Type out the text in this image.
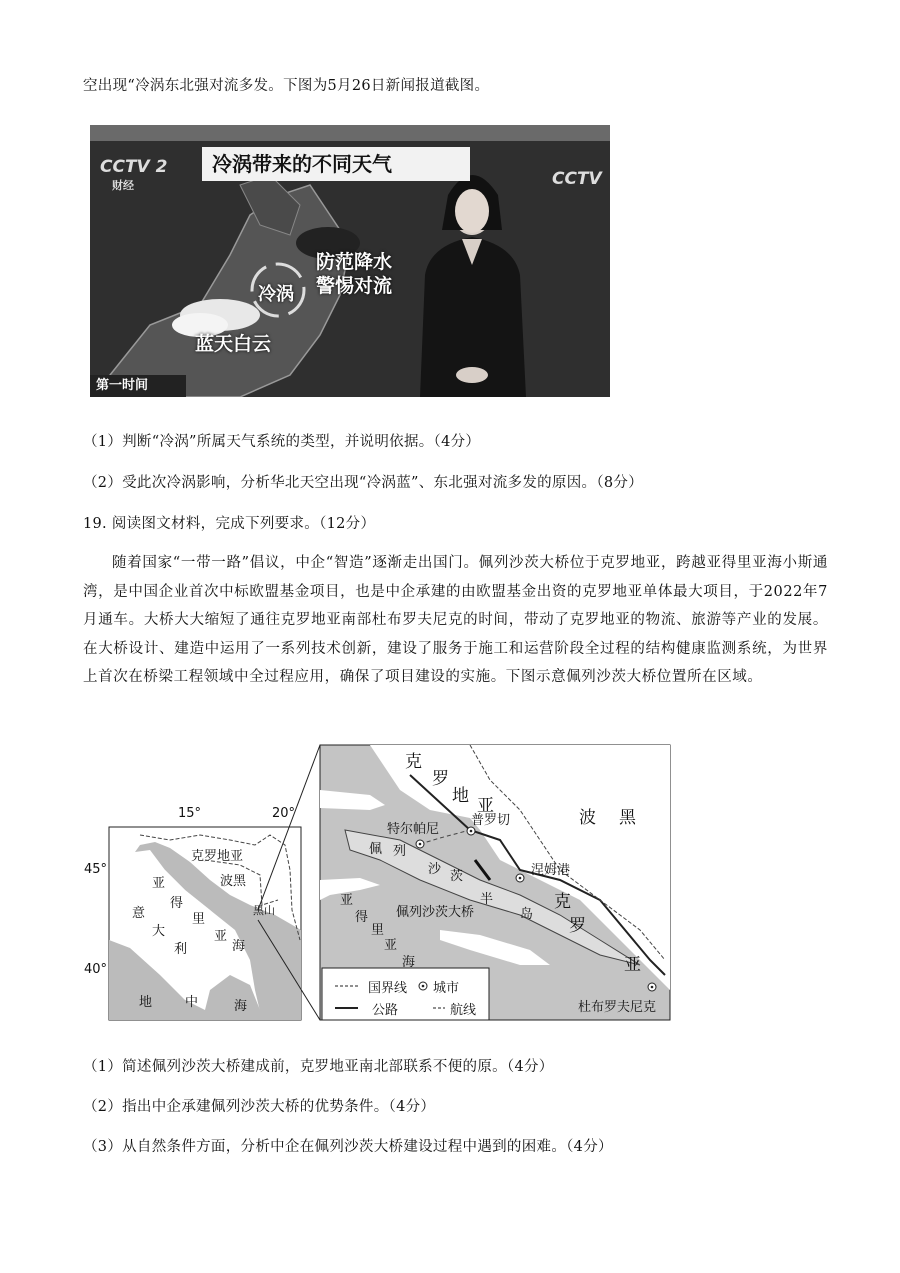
空出现“冷涡东北强对流多发。下图为5月26日新闻报道截图。
CCTV 2
财经	CCTV
冷涡带来的不同天气
冷涡
防范降水
警惕对流
蓝天白云
第一时间
（1）判断“冷涡”所属天气系统的类型，并说明依据。（4分）
（2）受此次冷涡影响，分析华北天空出现“冷涡蓝”、东北强对流多发的原因。（8分）
19. 阅读图文材料，完成下列要求。（12分）
随着国家“一带一路”倡议，中企“智造”逐渐走出国门。佩列沙茨大桥位于克罗地亚，跨越亚得里亚海小斯通湾，是中国企业首次中标欧盟基金项目，也是中企承建的由欧盟基金出资的克罗地亚单体最大项目，于2022年7月通车。大桥大大缩短了通往克罗地亚南部杜布罗夫尼克的时间，带动了克罗地亚的物流、旅游等产业的发展。在大桥设计、建造中运用了一系列技术创新，建设了服务于施工和运营阶段全过程的结构健康监测系统，为世界上首次在桥梁工程领域中全过程应用，确保了项目建设的实施。下图示意佩列沙茨大桥位置所在区域。
15°	20°
45°
40°
克罗地亚
波黑
黑山
亚
得
里
亚
海
意
大
利
地	中	海
克
罗
地 亚
波 黑
特尔帕尼
普罗切
佩 列
沙 茨	涅姆港
克
罗
亚
半
岛
佩列沙茨大桥
亚
得
里
亚
海
杜布罗夫尼克
国界线 城市
公路	航线
（1）简述佩列沙茨大桥建成前，克罗地亚南北部联系不便的原。（4分）
（2）指出中企承建佩列沙茨大桥的优势条件。（4分）
（3）从自然条件方面，分析中企在佩列沙茨大桥建设过程中遇到的困难。（4分）
